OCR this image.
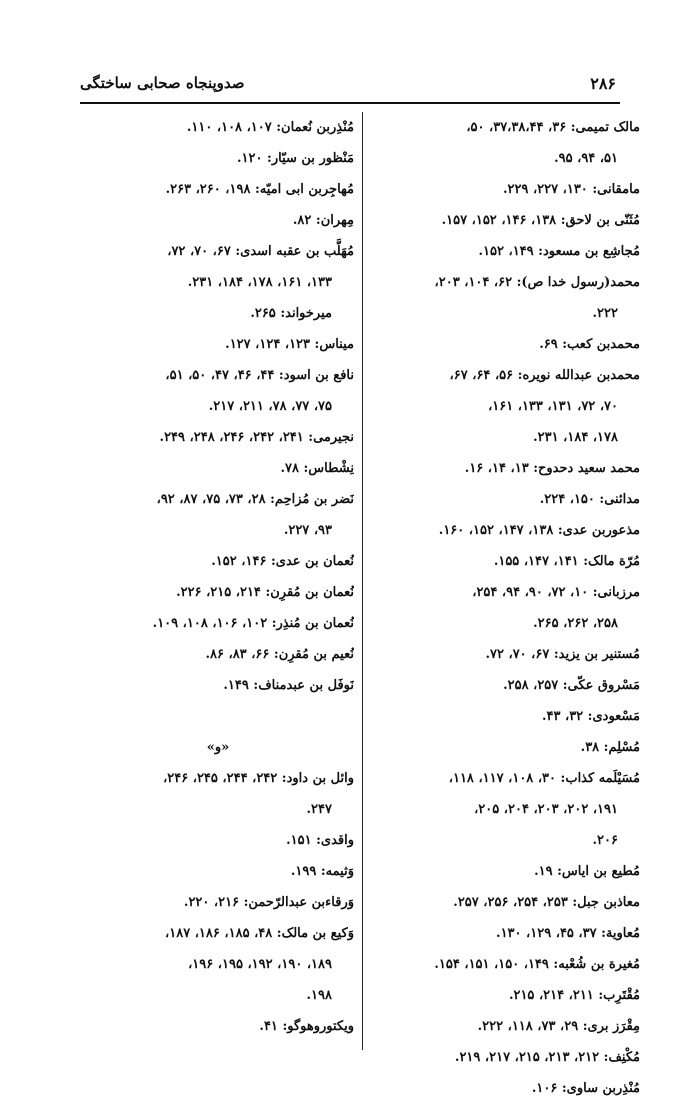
صدوپنجاه صحابی ساختگی	۲۸۶
مالک تمیمی: ۳۶، ۳۷،۳۸،۴۴، ۵۰،
۵۱، ۹۴، ۹۵.
مامقانی: ۱۳۰، ۲۲۷، ۲۲۹.
مُثَنّی بن لاحق: ۱۳۸، ۱۴۶، ۱۵۲، ۱۵۷.
مُجاشِع بن مسعود: ۱۴۹، ۱۵۲.
محمد(رسول خدا ص): ۶۲، ۱۰۴، ۲۰۳،
۲۲۲.
محمدبن کعب: ۶۹.
محمدبن عبدالله نویره: ۵۶، ۶۴، ۶۷،
۷۰، ۷۲، ۱۳۱، ۱۳۳، ۱۶۱،
۱۷۸، ۱۸۴، ۲۳۱.
محمد سعید دحدوح: ۱۳، ۱۴، ۱۶.
مدائنی: ۱۵۰، ۲۲۴.
مذعوربن عدی: ۱۳۸، ۱۴۷، ۱۵۲، ۱۶۰.
مُرّة مالک: ۱۴۱، ۱۴۷، ۱۵۵.
مرزبانی: ۱۰، ۷۲، ۹۰، ۹۴، ۲۵۴،
۲۵۸، ۲۶۲، ۲۶۵.
مُستنیر بن یزید: ۶۷، ۷۰، ۷۲.
مَسْروق عکّی: ۲۵۷، ۲۵۸.
مَسْعودی: ۳۲، ۴۳.
مُسْلِم: ۳۸.
مُسَیْلَمه کذاب: ۳۰، ۱۰۸، ۱۱۷، ۱۱۸،
۱۹۱، ۲۰۲، ۲۰۳، ۲۰۴، ۲۰۵،
۲۰۶.
مُطیع بن ایاس: ۱۹.
معاذبن جبل: ۲۵۳، ۲۵۴، ۲۵۶، ۲۵۷.
مُعاویة: ۳۷، ۴۵، ۱۲۹، ۱۳۰.
مُغیرة بن شُعْبه: ۱۴۹، ۱۵۰، ۱۵۱، ۱۵۴.
مُقْتَرِب: ۲۱۱، ۲۱۴، ۲۱۵.
مِقْرَز بری: ۲۹، ۷۳، ۱۱۸، ۲۲۲.
مُکْنِف: ۲۱۲، ۲۱۳، ۲۱۵، ۲۱۷، ۲۱۹.
مُنْذِربن ساوی: ۱۰۶.
مُنْذِربن نُعمان: ۱۰۷، ۱۰۸، ۱۱۰.
مَنْظور بن سیّار: ۱۲۰.
مُهاجِربن ابی امیّه: ۱۹۸، ۲۶۰، ۲۶۳.
مِهران: ۸۲.
مُهَلَّب بن عقبه اسدی: ۶۷، ۷۰، ۷۲،
۱۳۳، ۱۶۱، ۱۷۸، ۱۸۴، ۲۳۱.
میرخواند: ۲۶۵.
میناس: ۱۲۳، ۱۲۴، ۱۲۷.
نافع بن اسود: ۴۴، ۴۶، ۴۷، ۵۰، ۵۱،
۷۵، ۷۷، ۷۸، ۲۱۱، ۲۱۷.
نجیرمی: ۲۴۱، ۲۴۲، ۲۴۶، ۲۴۸، ۲۴۹.
نِشْطاس: ۷۸.
نَضر بن مُزاحِم: ۲۸، ۷۳، ۷۵، ۸۷، ۹۲،
۹۳، ۲۲۷.
نُعمان بن عدی: ۱۴۶، ۱۵۲.
نُعمان بن مُقرِن: ۲۱۴، ۲۱۵، ۲۲۶.
نُعمان بن مُنذِر: ۱۰۲، ۱۰۶، ۱۰۸، ۱۰۹.
نُعیم بن مُقرِن: ۶۶، ۸۳، ۸۶.
نَوفَل بن عبدمناف: ۱۴۹.
«و»
وائل بن داود: ۲۴۲، ۲۴۴، ۲۴۵، ۲۴۶،
۲۴۷.
واقدی: ۱۵۱.
وَثیمه: ۱۹۹.
وَرقاءبن عبدالرّحمن: ۲۱۶، ۲۲۰.
وَکیع بن مالک: ۴۸، ۱۸۵، ۱۸۶، ۱۸۷،
۱۸۹، ۱۹۰، ۱۹۲، ۱۹۵، ۱۹۶،
۱۹۸.
ویکتوروهوگو: ۴۱.
